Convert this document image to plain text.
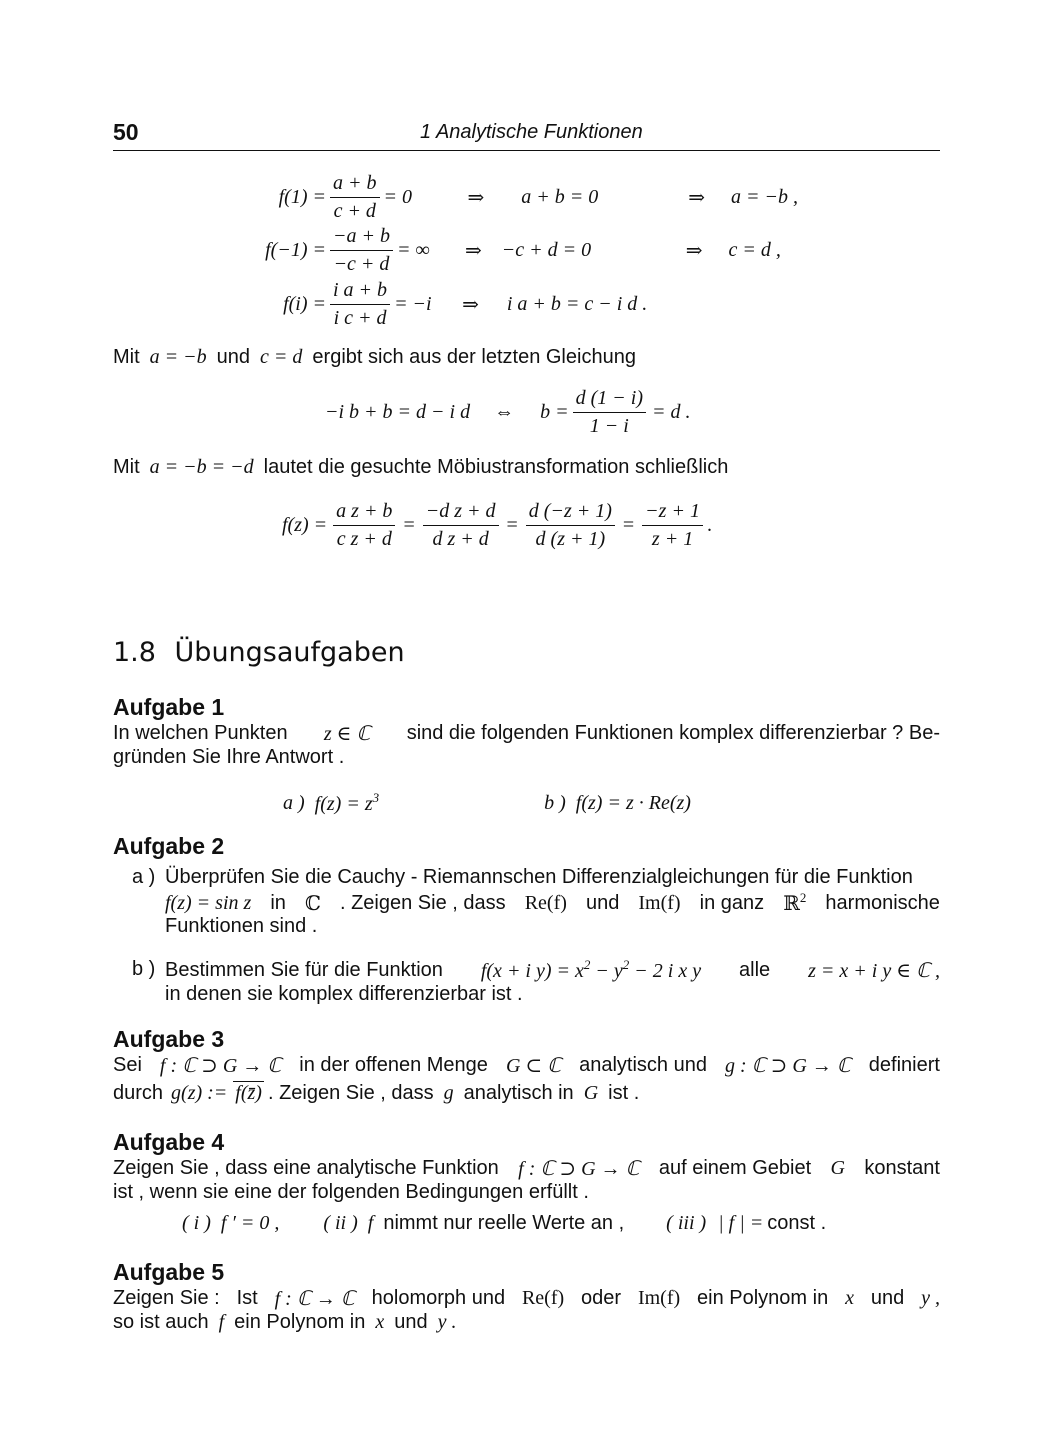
50	1 Analytische Funktionen
$f(1) = \frac{a + b}{c + d} = 0$	⇒ a + b = 0	⇒ a = −b ,
$f(-1) = \frac{-a + b}{-c + d}$ = ∞	⇒ −c + d = 0	⇒ c = d ,
$f(i) = \frac{\text{i a + b}}{\text{i c + d}} = -i$	⇒ i a + b = c − i d .
Mit a = −b und c = d ergibt sich aus der letzten Gleichung
−i b + b = d − i d ⇔ $b = \frac{d (1 - i)}{1 - i} = d$ .
Mit a = −b = −d lautet die gesuchte Möbiustransformation schließlich
$f(z) = \frac{\text{a z + b}}{\text{c z + d}} = \frac{\text{−d z + d}}{\text{d z + d}} = \frac{d (-z + 1)}{d (z + 1)} = \frac{-z + 1}{z + 1}$ .
1.8 Übungsaufgaben
Aufgabe 1
In welchen Punkten z ∈ ℂ sind die folgenden Funktionen komplex differenzierbar ? Be-
gründen Sie Ihre Antwort .
a ) $f(z) = z^3$	b ) f(z) = z · Re(z)
Aufgabe 2
a ) Überprüfen Sie die Cauchy - Riemannschen Differenzialgleichungen für die Funktion
f(z) = sin z in ℂ . Zeigen Sie , dass Re(f) und Im(f) in ganz ℝ$^2$ harmonische
Funktionen sind .
b ) Bestimmen Sie für die Funktion f(x + i $y) = x^2 - y^2 - 2$ i x y alle z = x + i y ∈ ℂ ,
in denen sie komplex differenzierbar ist .
Aufgabe 3
Sei f : ℂ ⊃ G → ℂ in der offenen Menge G ⊂ ℂ analytisch und g : ℂ ⊃ G → ℂ definiert
durch g(z) := f(z̄) . Zeigen Sie , dass g analytisch in G ist .
Aufgabe 4
Zeigen Sie , dass eine analytische Funktion f : ℂ ⊃ G → ℂ auf einem Gebiet G konstant
ist , wenn sie eine der folgenden Bedingungen erfüllt .
( i ) f ′ = 0 , ( ii ) f nimmt nur reelle Werte an , ( iii ) | f | = const .
Aufgabe 5
Zeigen Sie : Ist f : ℂ → ℂ holomorph und Re(f) oder Im(f) ein Polynom in x und y ,
so ist auch f ein Polynom in x und y .
